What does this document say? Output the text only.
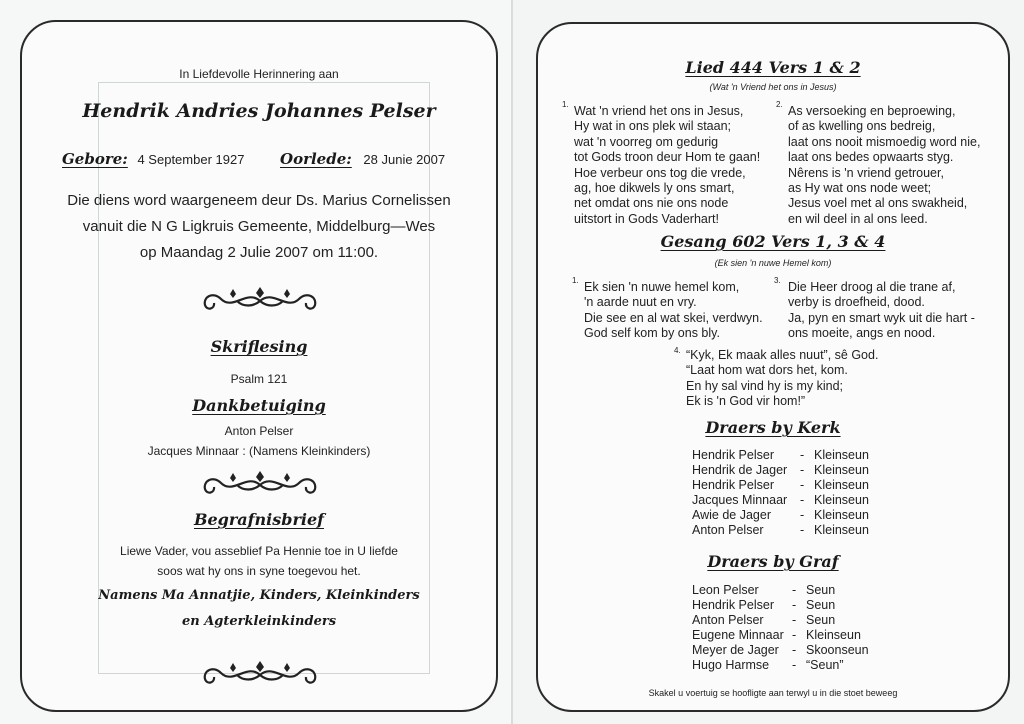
In Liefdevolle Herinnering aan
Hendrik Andries Johannes Pelser
Gebore: 4 September 1927 Oorlede: 28 Junie 2007
Die diens word waargeneem deur Ds. Marius Cornelissen
vanuit die N G Ligkruis Gemeente, Middelburg—Wes
op Maandag 2 Julie 2007 om 11:00.
Skriflesing
Psalm 121
Dankbetuiging
Anton Pelser
Jacques Minnaar : (Namens Kleinkinders)
Begrafnisbrief
Liewe Vader, vou asseblief Pa Hennie toe in U liefde
soos wat hy ons in syne toegevou het.
Namens Ma Annatjie, Kinders, Kleinkinders
en Agterkleinkinders
Lied 444 Vers 1 & 2
(Wat 'n Vriend het ons in Jesus)
1. Wat 'n vriend het ons in Jesus,
Hy wat in ons plek wil staan;
wat 'n voorreg om gedurig
tot Gods troon deur Hom te gaan!
Hoe verbeur ons tog die vrede,
ag, hoe dikwels ly ons smart,
net omdat ons nie ons node
uitstort in Gods Vaderhart!
2. As versoeking en beproewing,
of as kwelling ons bedreig,
laat ons nooit mismoedig word nie,
laat ons bedes opwaarts styg.
Nêrens is 'n vriend getrouer,
as Hy wat ons node weet;
Jesus voel met al ons swakheid,
en wil deel in al ons leed.
Gesang 602 Vers 1, 3 & 4
(Ek sien 'n nuwe Hemel kom)
1. Ek sien 'n nuwe hemel kom,
'n aarde nuut en vry.
Die see en al wat skei, verdwyn.
God self kom by ons bly.
3. Die Heer droog al die trane af,
verby is droefheid, dood.
Ja, pyn en smart wyk uit die hart -
ons moeite, angs en nood.
4. “Kyk, Ek maak alles nuut”, sê God.
“Laat hom wat dors het, kom.
En hy sal vind hy is my kind;
Ek is 'n God vir hom!”
Draers by Kerk
Hendrik Pelser	-	Kleinseun
Hendrik de Jager	-	Kleinseun
Hendrik Pelser	-	Kleinseun
Jacques Minnaar	-	Kleinseun
Awie de Jager	-	Kleinseun
Anton Pelser	-	Kleinseun
Draers by Graf
Leon Pelser	-	Seun
Hendrik Pelser	-	Seun
Anton Pelser	-	Seun
Eugene Minnaar	-	Kleinseun
Meyer de Jager	-	Skoonseun
Hugo Harmse	-	“Seun”
Skakel u voertuig se hoofligte aan terwyl u in die stoet beweeg
